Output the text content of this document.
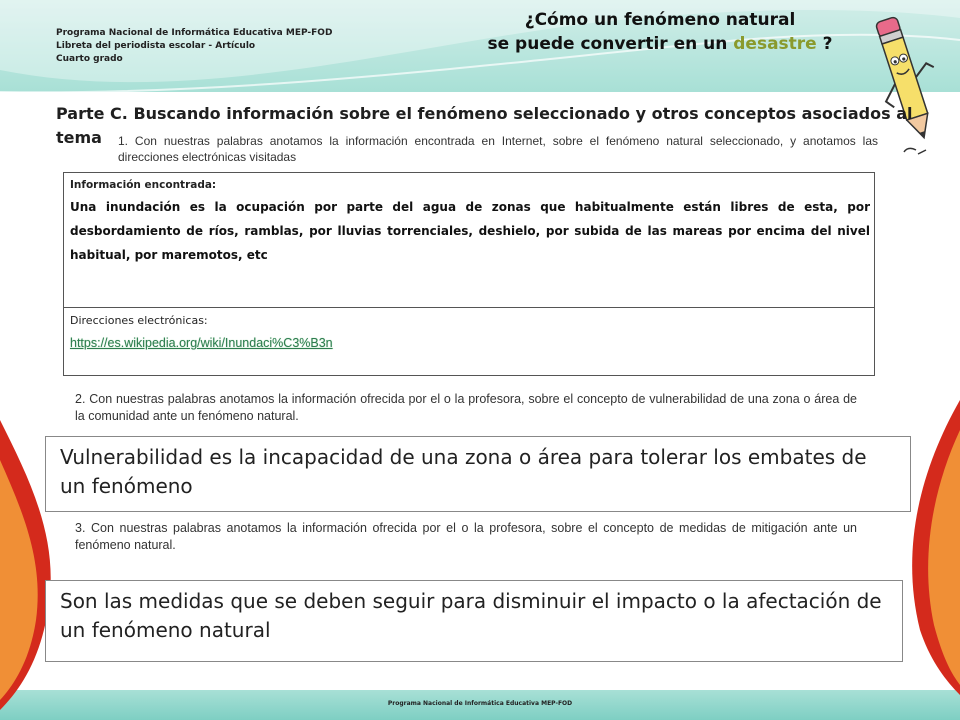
Programa Nacional de Informática Educativa MEP-FOD
Libreta del periodista escolar - Artículo
Cuarto grado
¿Cómo un fenómeno natural
se puede convertir en un desastre ?
Parte C. Buscando información sobre el fenómeno seleccionado y otros conceptos asociados al tema	1. Con nuestras palabras anotamos la información encontrada en Internet, sobre el fenómeno natural seleccionado, y anotamos las direcciones electrónicas visitadas
Información encontrada:
Una inundación es la ocupación por parte del agua de zonas que habitualmente están libres de esta, por desbordamiento de ríos, ramblas, por lluvias torrenciales, deshielo, por subida de las mareas por encima del nivel habitual, por maremotos, etc
Direcciones electrónicas:
https://es.wikipedia.org/wiki/Inundaci%C3%B3n
2. Con nuestras palabras anotamos la información ofrecida por el o la profesora, sobre el concepto de vulnerabilidad de una zona o área de la comunidad ante un fenómeno natural.
Vulnerabilidad es la incapacidad de una zona o área para tolerar los embates de un fenómeno
3. Con nuestras palabras anotamos la información ofrecida por el o la profesora, sobre el concepto de medidas de mitigación ante un fenómeno natural.
Son las medidas que se deben seguir para disminuir el impacto o la afectación de un fenómeno natural
Programa Nacional de Informática Educativa MEP-FOD
